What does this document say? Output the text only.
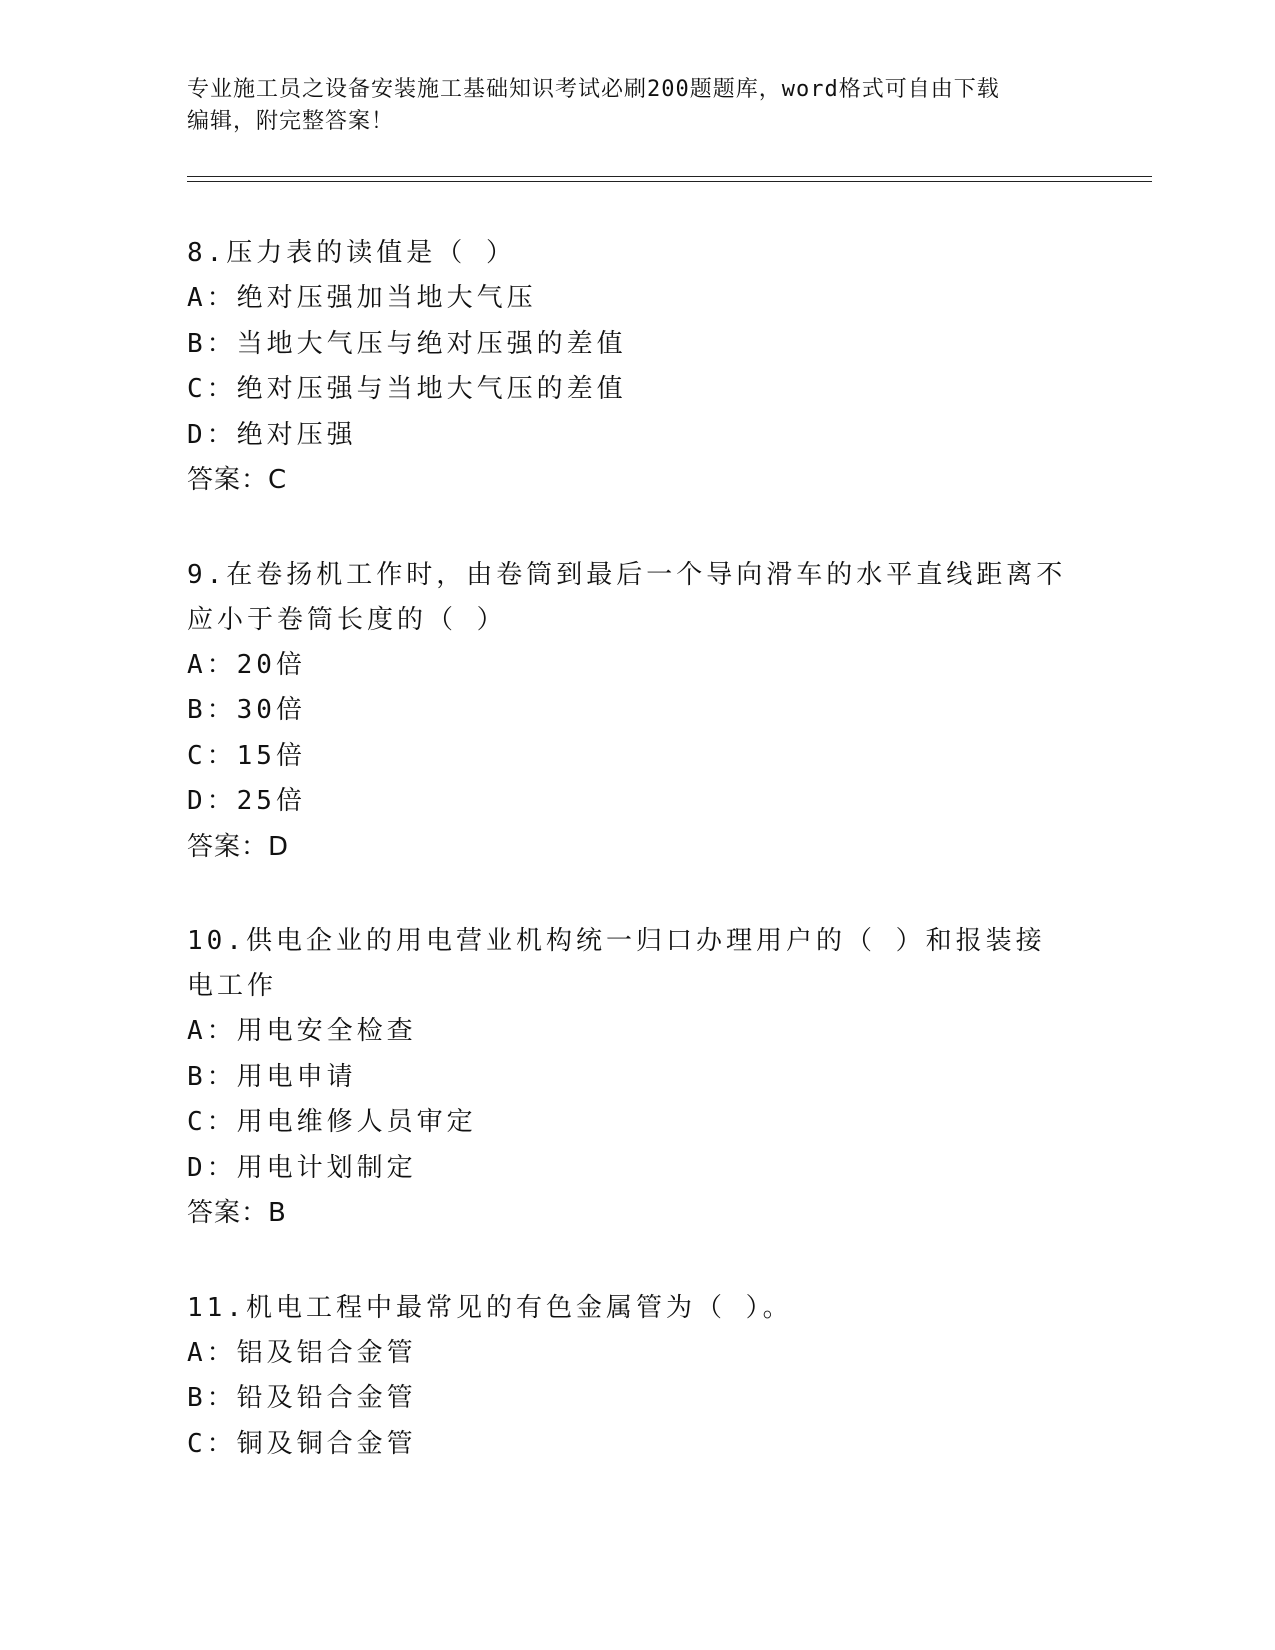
专业施工员之设备安装施工基础知识考试必刷200题题库，word格式可自由下载
编辑，附完整答案！
8.压力表的读值是（ ）
A：绝对压强加当地大气压
B：当地大气压与绝对压强的差值
C：绝对压强与当地大气压的差值
D：绝对压强
答案：C
9.在卷扬机工作时，由卷筒到最后一个导向滑车的水平直线距离不应小于卷筒长度的（ ）
A：20倍
B：30倍
C：15倍
D：25倍
答案：D
10.供电企业的用电营业机构统一归口办理用户的（ ）和报装接电工作
A：用电安全检查
B：用电申请
C：用电维修人员审定
D：用电计划制定
答案：B
11.机电工程中最常见的有色金属管为（ ）。
A：铝及铝合金管
B：铅及铅合金管
C：铜及铜合金管
